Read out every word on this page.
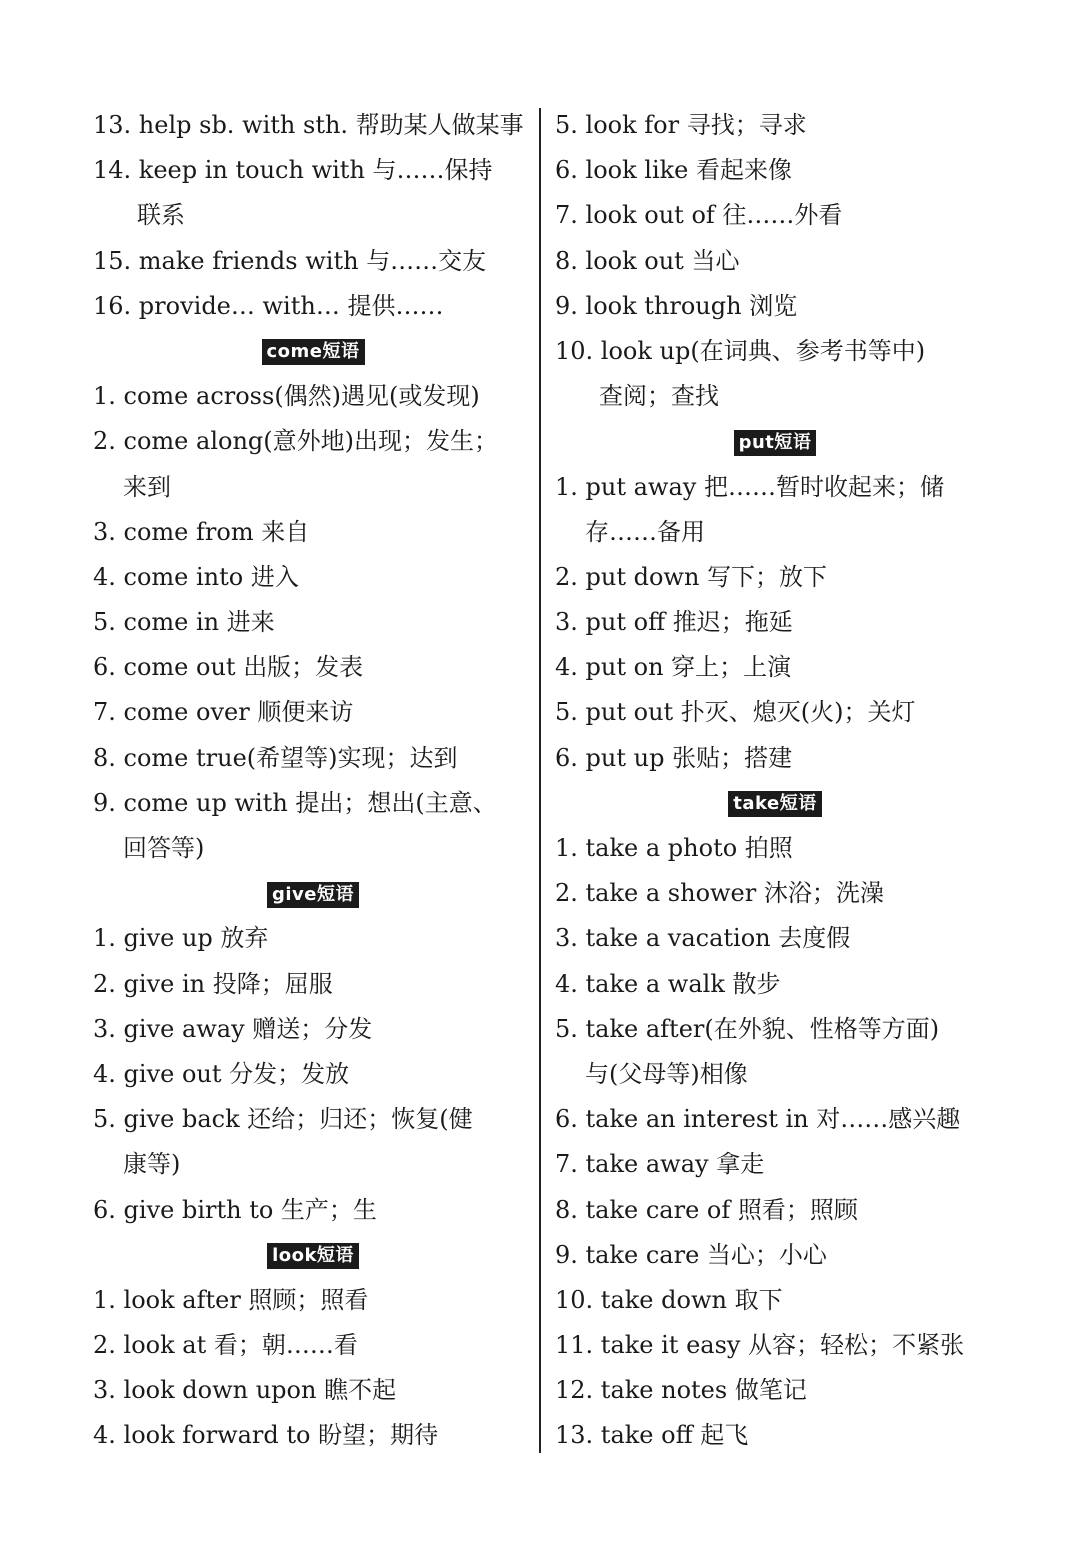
13. help sb. with sth. 帮助某人做某事
14. keep in touch with 与……保持
联系
15. make friends with 与……交友
16. provide… with… 提供……
come短语
1. come across(偶然)遇见(或发现)
2. come along(意外地)出现；发生；
来到
3. come from 来自
4. come into 进入
5. come in 进来
6. come out 出版；发表
7. come over 顺便来访
8. come true(希望等)实现；达到
9. come up with 提出；想出(主意、
回答等)
give短语
1. give up 放弃
2. give in 投降；屈服
3. give away 赠送；分发
4. give out 分发；发放
5. give back 还给；归还；恢复(健
康等)
6. give birth to 生产；生
look短语
1. look after 照顾；照看
2. look at 看；朝……看
3. look down upon 瞧不起
4. look forward to 盼望；期待
5. look for 寻找；寻求
6. look like 看起来像
7. look out of 往……外看
8. look out 当心
9. look through 浏览
10. look up(在词典、参考书等中)
查阅；查找
put短语
1. put away 把……暂时收起来；储
存……备用
2. put down 写下；放下
3. put off 推迟；拖延
4. put on 穿上；上演
5. put out 扑灭、熄灭(火)；关灯
6. put up 张贴；搭建
take短语
1. take a photo 拍照
2. take a shower 沐浴；洗澡
3. take a vacation 去度假
4. take a walk 散步
5. take after(在外貌、性格等方面)
与(父母等)相像
6. take an interest in 对……感兴趣
7. take away 拿走
8. take care of 照看；照顾
9. take care 当心；小心
10. take down 取下
11. take it easy 从容；轻松；不紧张
12. take notes 做笔记
13. take off 起飞
